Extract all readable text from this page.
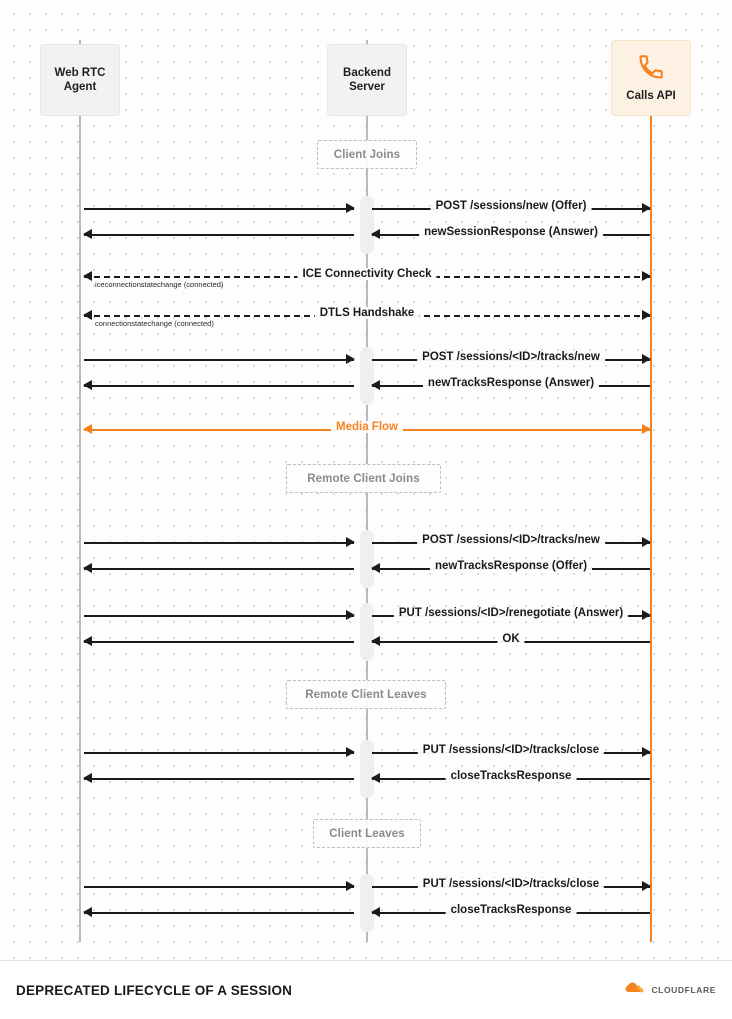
Web RTC
Agent
Backend
Server
Calls API
Client Joins
Remote Client Joins
Remote Client Leaves
Client Leaves
POST /sessions/new (Offer)
newSessionResponse (Answer)
ICE Connectivity Check
iceconnectionstatechange (connected)
DTLS Handshake
connectionstatechange (connected)
POST /sessions/<ID>/tracks/new
newTracksResponse (Answer)
Media Flow
POST /sessions/<ID>/tracks/new
newTracksResponse (Offer)
PUT /sessions/<ID>/renegotiate (Answer)
OK
PUT /sessions/<ID>/tracks/close
closeTracksResponse
PUT /sessions/<ID>/tracks/close
closeTracksResponse
DEPRECATED LIFECYCLE OF A SESSION	CLOUDFLARE
